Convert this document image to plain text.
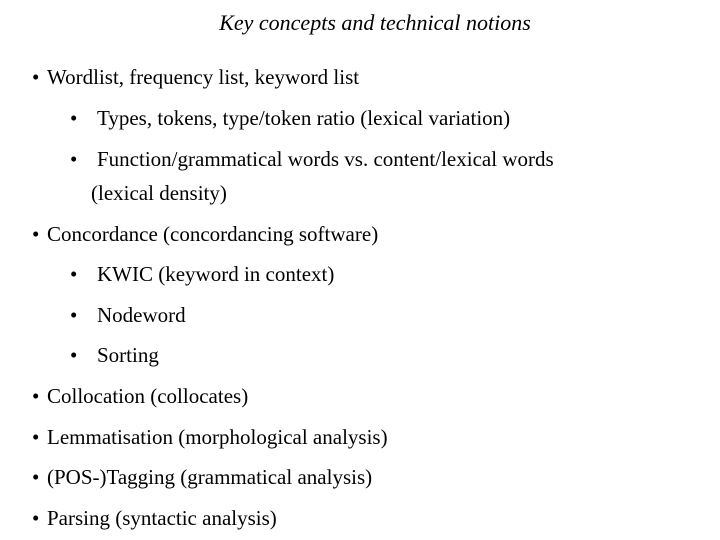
Key concepts and technical notions
• Wordlist, frequency list, keyword list
• Types, tokens, type/token ratio (lexical variation)
• Function/grammatical words vs. content/lexical words
(lexical density)
• Concordance (concordancing software)
• KWIC (keyword in context)
• Nodeword
• Sorting
• Collocation (collocates)
• Lemmatisation (morphological analysis)
• (POS-)Tagging (grammatical analysis)
• Parsing (syntactic analysis)
